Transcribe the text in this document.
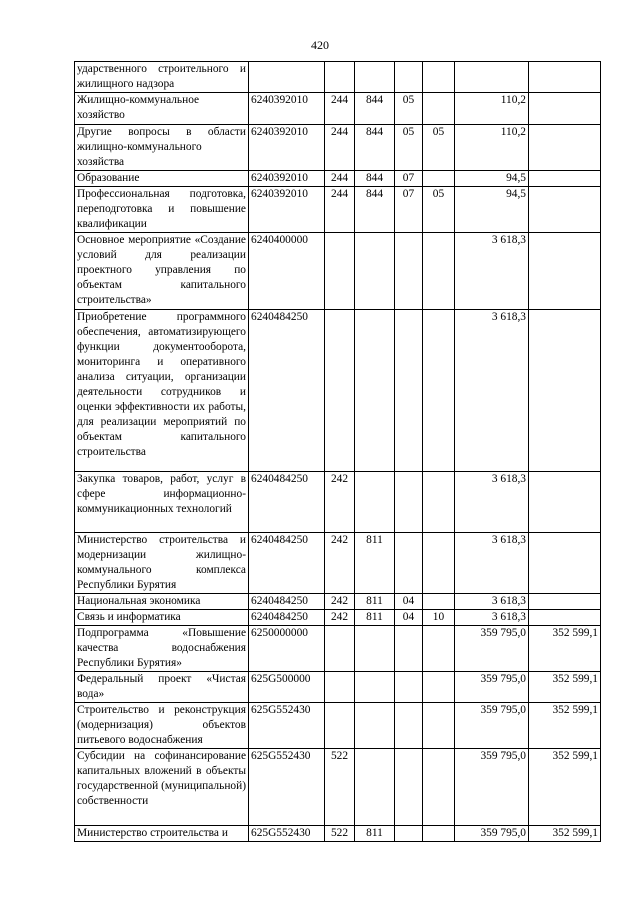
420
ударственного строительного и жилищного надзора							
Жилищно-коммунальное хозяйство	6240392010	244	844	05		110,2	
Другие вопросы в области жилищно-коммунального хозяйства	6240392010	244	844	05	05	110,2	
Образование	6240392010	244	844	07		94,5	
Профессиональная подготовка, переподготовка и повышение квалификации	6240392010	244	844	07	05	94,5	
Основное мероприятие «Создание условий для реализации проектного управления по объектам капитального строительства»	6240400000					3 618,3	
Приобретение программного обеспечения, автоматизирующего функции документооборота, мониторинга и оперативного анализа ситуации, организации деятельности сотрудников и оценки эффективности их работы, для реализации мероприятий по объектам капитального строительства	6240484250					3 618,3	
Закупка товаров, работ, услуг в сфере информационно-коммуникационных технологий	6240484250	242				3 618,3	
Министерство строительства и модернизации жилищно-коммунального комплекса Республики Бурятия	6240484250	242	811			3 618,3	
Национальная экономика	6240484250	242	811	04		3 618,3	
Связь и информатика	6240484250	242	811	04	10	3 618,3	
Подпрограмма «Повышение качества водоснабжения Республики Бурятия»	6250000000					359 795,0	352 599,1
Федеральный проект «Чистая вода»	625G500000					359 795,0	352 599,1
Строительство и реконструкция (модернизация) объектов питьевого водоснабжения	625G552430					359 795,0	352 599,1
Субсидии на софинансирование капитальных вложений в объекты государственной (муниципальной) собственности	625G552430	522				359 795,0	352 599,1
Министерство строительства и	625G552430	522	811			359 795,0	352 599,1
